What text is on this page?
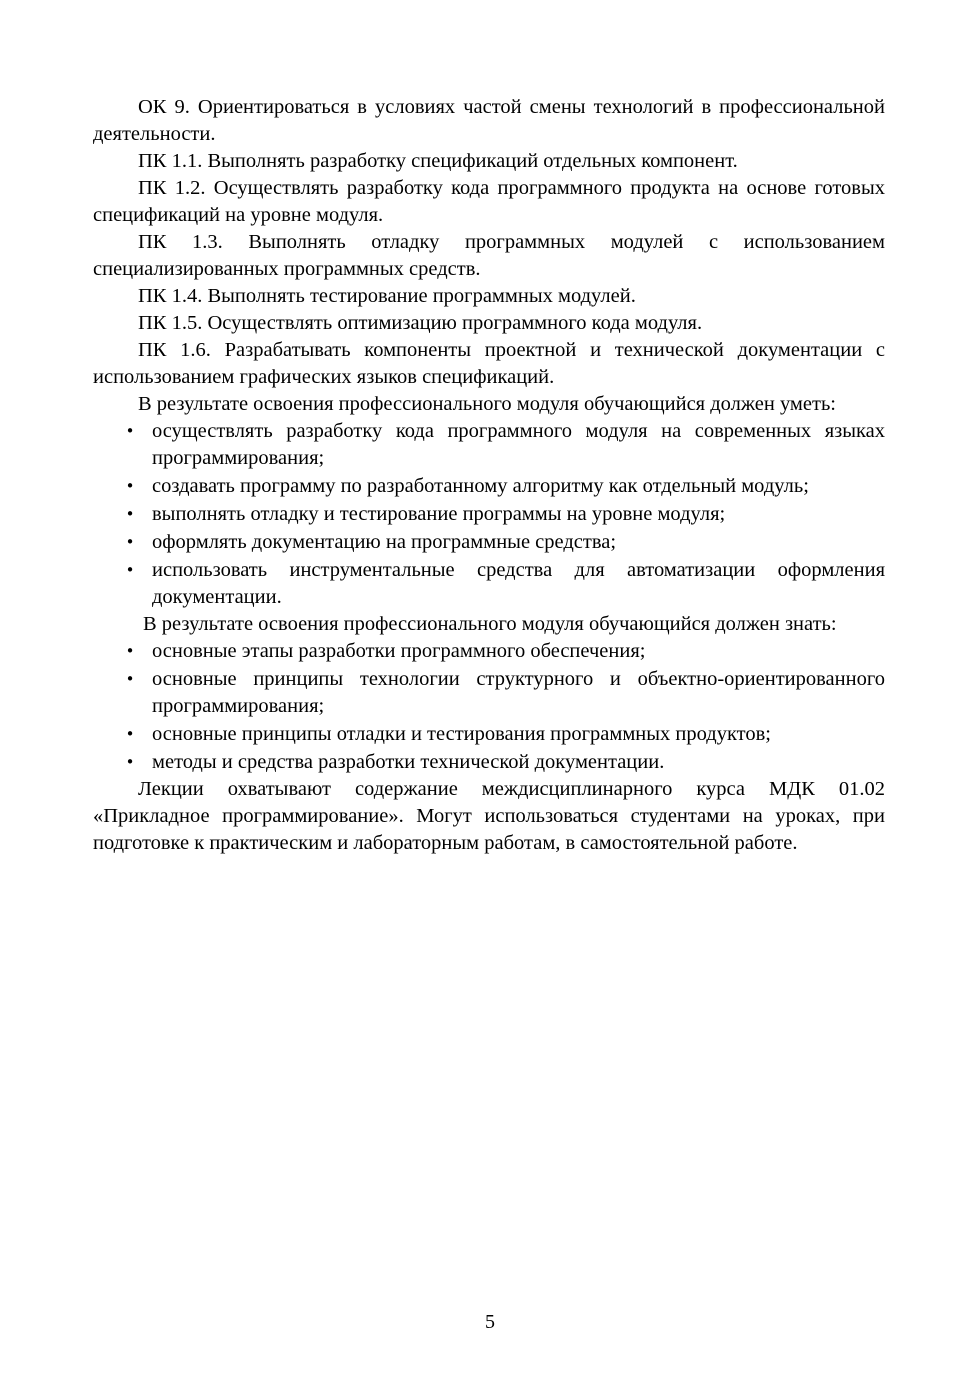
ОК 9. Ориентироваться в условиях частой смены технологий в профессиональной деятельности.

ПК 1.1. Выполнять разработку спецификаций отдельных компонент.

ПК 1.2. Осуществлять разработку кода программного продукта на основе готовых спецификаций на уровне модуля.

ПК 1.3. Выполнять отладку программных модулей с использованием специализированных программных средств.

ПК 1.4. Выполнять тестирование программных модулей.

ПК 1.5. Осуществлять оптимизацию программного кода модуля.

ПК 1.6. Разрабатывать компоненты проектной и технической документации с использованием графических языков спецификаций.

В результате освоения профессионального модуля обучающийся должен уметь:

• осуществлять разработку кода программного модуля на современных языках программирования;
• создавать программу по разработанному алгоритму как отдельный модуль;
• выполнять отладку и тестирование программы на уровне модуля;
• оформлять документацию на программные средства;
• использовать инструментальные средства для автоматизации оформления документации.

В результате освоения профессионального модуля обучающийся должен знать:

• основные этапы разработки программного обеспечения;
• основные принципы технологии структурного и объектно-ориентированного программирования;
• основные принципы отладки и тестирования программных продуктов;
• методы и средства разработки технической документации.

Лекции охватывают содержание междисциплинарного курса МДК 01.02 «Прикладное программирование». Могут использоваться студентами на уроках, при подготовке к практическим и лабораторным работам, в самостоятельной работе.

5
